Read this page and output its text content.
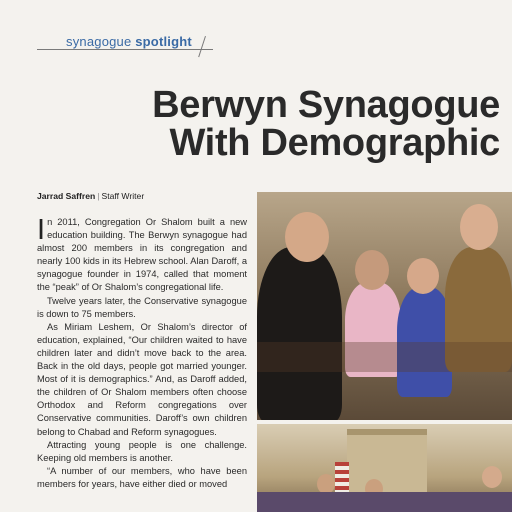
synagogue spotlight
Berwyn Synagogue
With Demographic
Jarrad Saffren | Staff Writer

In 2011, Congregation Or Shalom built a new education building. The Berwyn synagogue had almost 200 members in its congregation and nearly 100 kids in its Hebrew school. Alan Daroff, a synagogue founder in 1974, called that moment the “peak” of Or Shalom’s congregational life.

Twelve years later, the Conservative synagogue is down to 75 members.

As Miriam Leshem, Or Shalom’s director of education, explained, “Our children waited to have children later and didn’t move back to the area. Back in the old days, people got married younger. Most of it is demographics.” And, as Daroff added, the children of Or Shalom members often choose Orthodox and Reform congregations over Conservative communities. Daroff’s own children belong to Chabad and Reform synagogues.

Attracting young people is one challenge. Keeping old members is another.

“A number of our members, who have been members for years, have either died or moved
